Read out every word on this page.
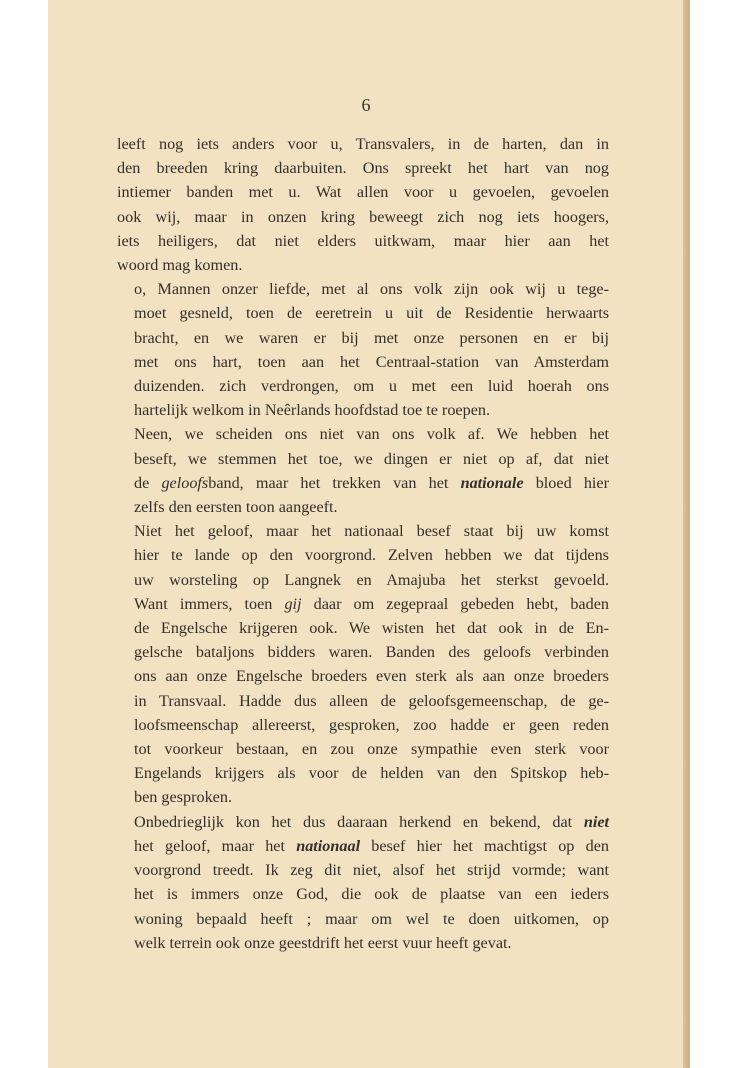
6

leeft nog iets anders voor u, Transvalers, in de harten, dan in
den breeden kring daarbuiten. Ons spreekt het hart van nog
intiemer banden met u. Wat allen voor u gevoelen, gevoelen
ook wij, maar in onzen kring beweegt zich nog iets hoogers,
iets heiligers, dat niet elders uitkwam, maar hier aan het
woord mag komen.

o, Mannen onzer liefde, met al ons volk zijn ook wij u tege-
moet gesneld, toen de eeretrein u uit de Residentie herwaarts
bracht, en we waren er bij met onze personen en er bij
met ons hart, toen aan het Centraal-station van Amsterdam
duizenden. zich verdrongen, om u met een luid hoerah ons
hartelijk welkom in Neêrlands hoofdstad toe te roepen.

Neen, we scheiden ons niet van ons volk af. We hebben het
beseft, we stemmen het toe, we dingen er niet op af, dat niet
de geloofsband, maar het trekken van het nationale bloed hier
zelfs den eersten toon aangeeft.

Niet het geloof, maar het nationaal besef staat bij uw komst
hier te lande op den voorgrond. Zelven hebben we dat tijdens
uw worsteling op Langnek en Amajuba het sterkst gevoeld.
Want immers, toen gij daar om zegepraal gebeden hebt, baden
de Engelsche krijgeren ook. We wisten het dat ook in de En-
gelsche bataljons bidders waren. Banden des geloofs verbinden
ons aan onze Engelsche broeders even sterk als aan onze broeders
in Transvaal. Hadde dus alleen de geloofsgemeenschap, de ge-
loofsmeenschap allereerst, gesproken, zoo hadde er geen reden
tot voorkeur bestaan, en zou onze sympathie even sterk voor
Engelands krijgers als voor de helden van den Spitskop heb-
ben gesproken.

Onbedrieglijk kon het dus daaraan herkend en bekend, dat niet
het geloof, maar het nationaal besef hier het machtigst op den
voorgrond treedt. Ik zeg dit niet, alsof het strijd vormde; want
het is immers onze God, die ook de plaatse van een ieders
woning bepaald heeft ; maar om wel te doen uitkomen, op
welk terrein ook onze geestdrift het eerst vuur heeft gevat.
